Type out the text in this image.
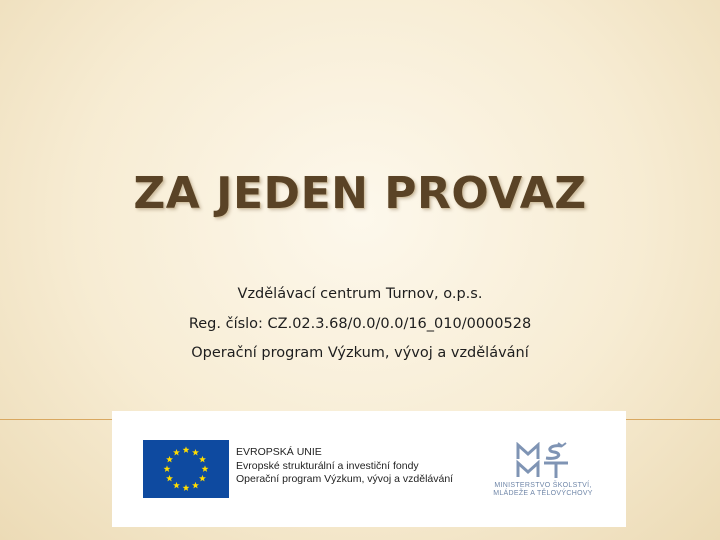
ZA JEDEN PROVAZ
Vzdělávací centrum Turnov, o.p.s.
Reg. číslo: CZ.02.3.68/0.0/0.0/16_010/0000528
Operační program Výzkum, vývoj a vzdělávání
EVROPSKÁ UNIE
Evropské strukturální a investiční fondy
Operační program Výzkum, vývoj a vzdělávání
MINISTERSTVO ŠKOLSTVÍ,
MLÁDEŽE A TĚLOVÝCHOVY
